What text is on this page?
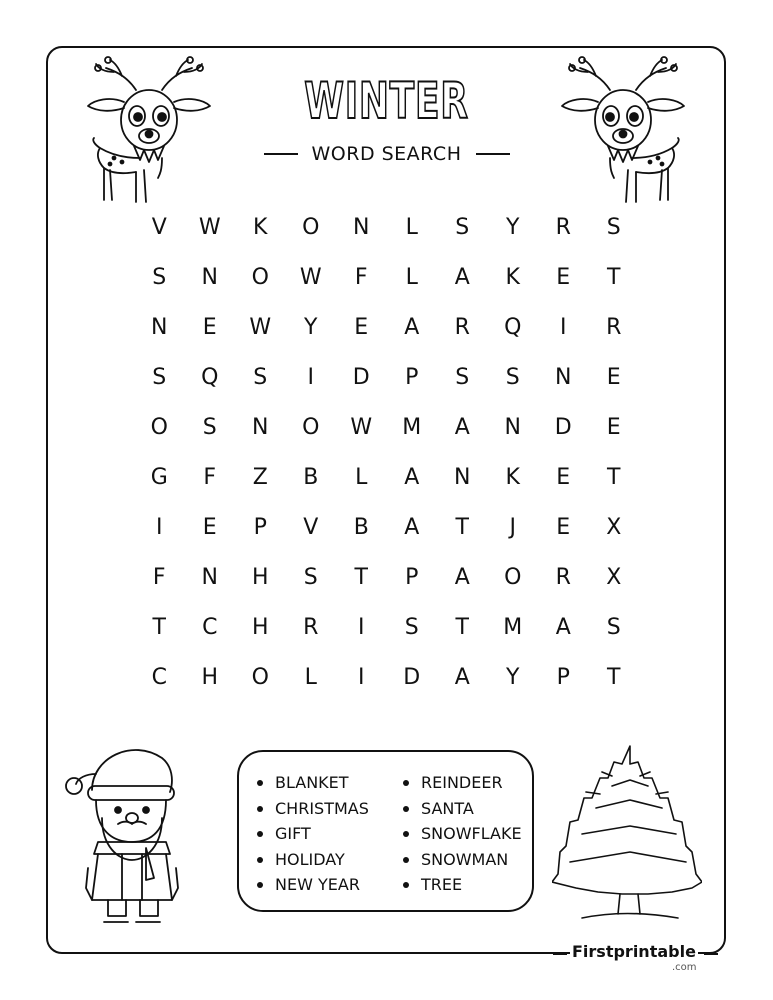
WINTER
WORD SEARCH
V	W	K	O	N	L	S	Y	R	S
S	N	O	W	F	L	A	K	E	T
N	E	W	Y	E	A	R	Q	I	R
S	Q	S	I	D	P	S	S	N	E
O	S	N	O	W	M	A	N	D	E
G	F	Z	B	L	A	N	K	E	T
I	E	P	V	B	A	T	J	E	X
F	N	H	S	T	P	A	O	R	X
T	C	H	R	I	S	T	M	A	S
C	H	O	L	I	D	A	Y	P	T
BLANKET
CHRISTMAS
GIFT
HOLIDAY
NEW YEAR
REINDEER
SANTA
SNOWFLAKE
SNOWMAN
TREE
Firstprintable
.com
